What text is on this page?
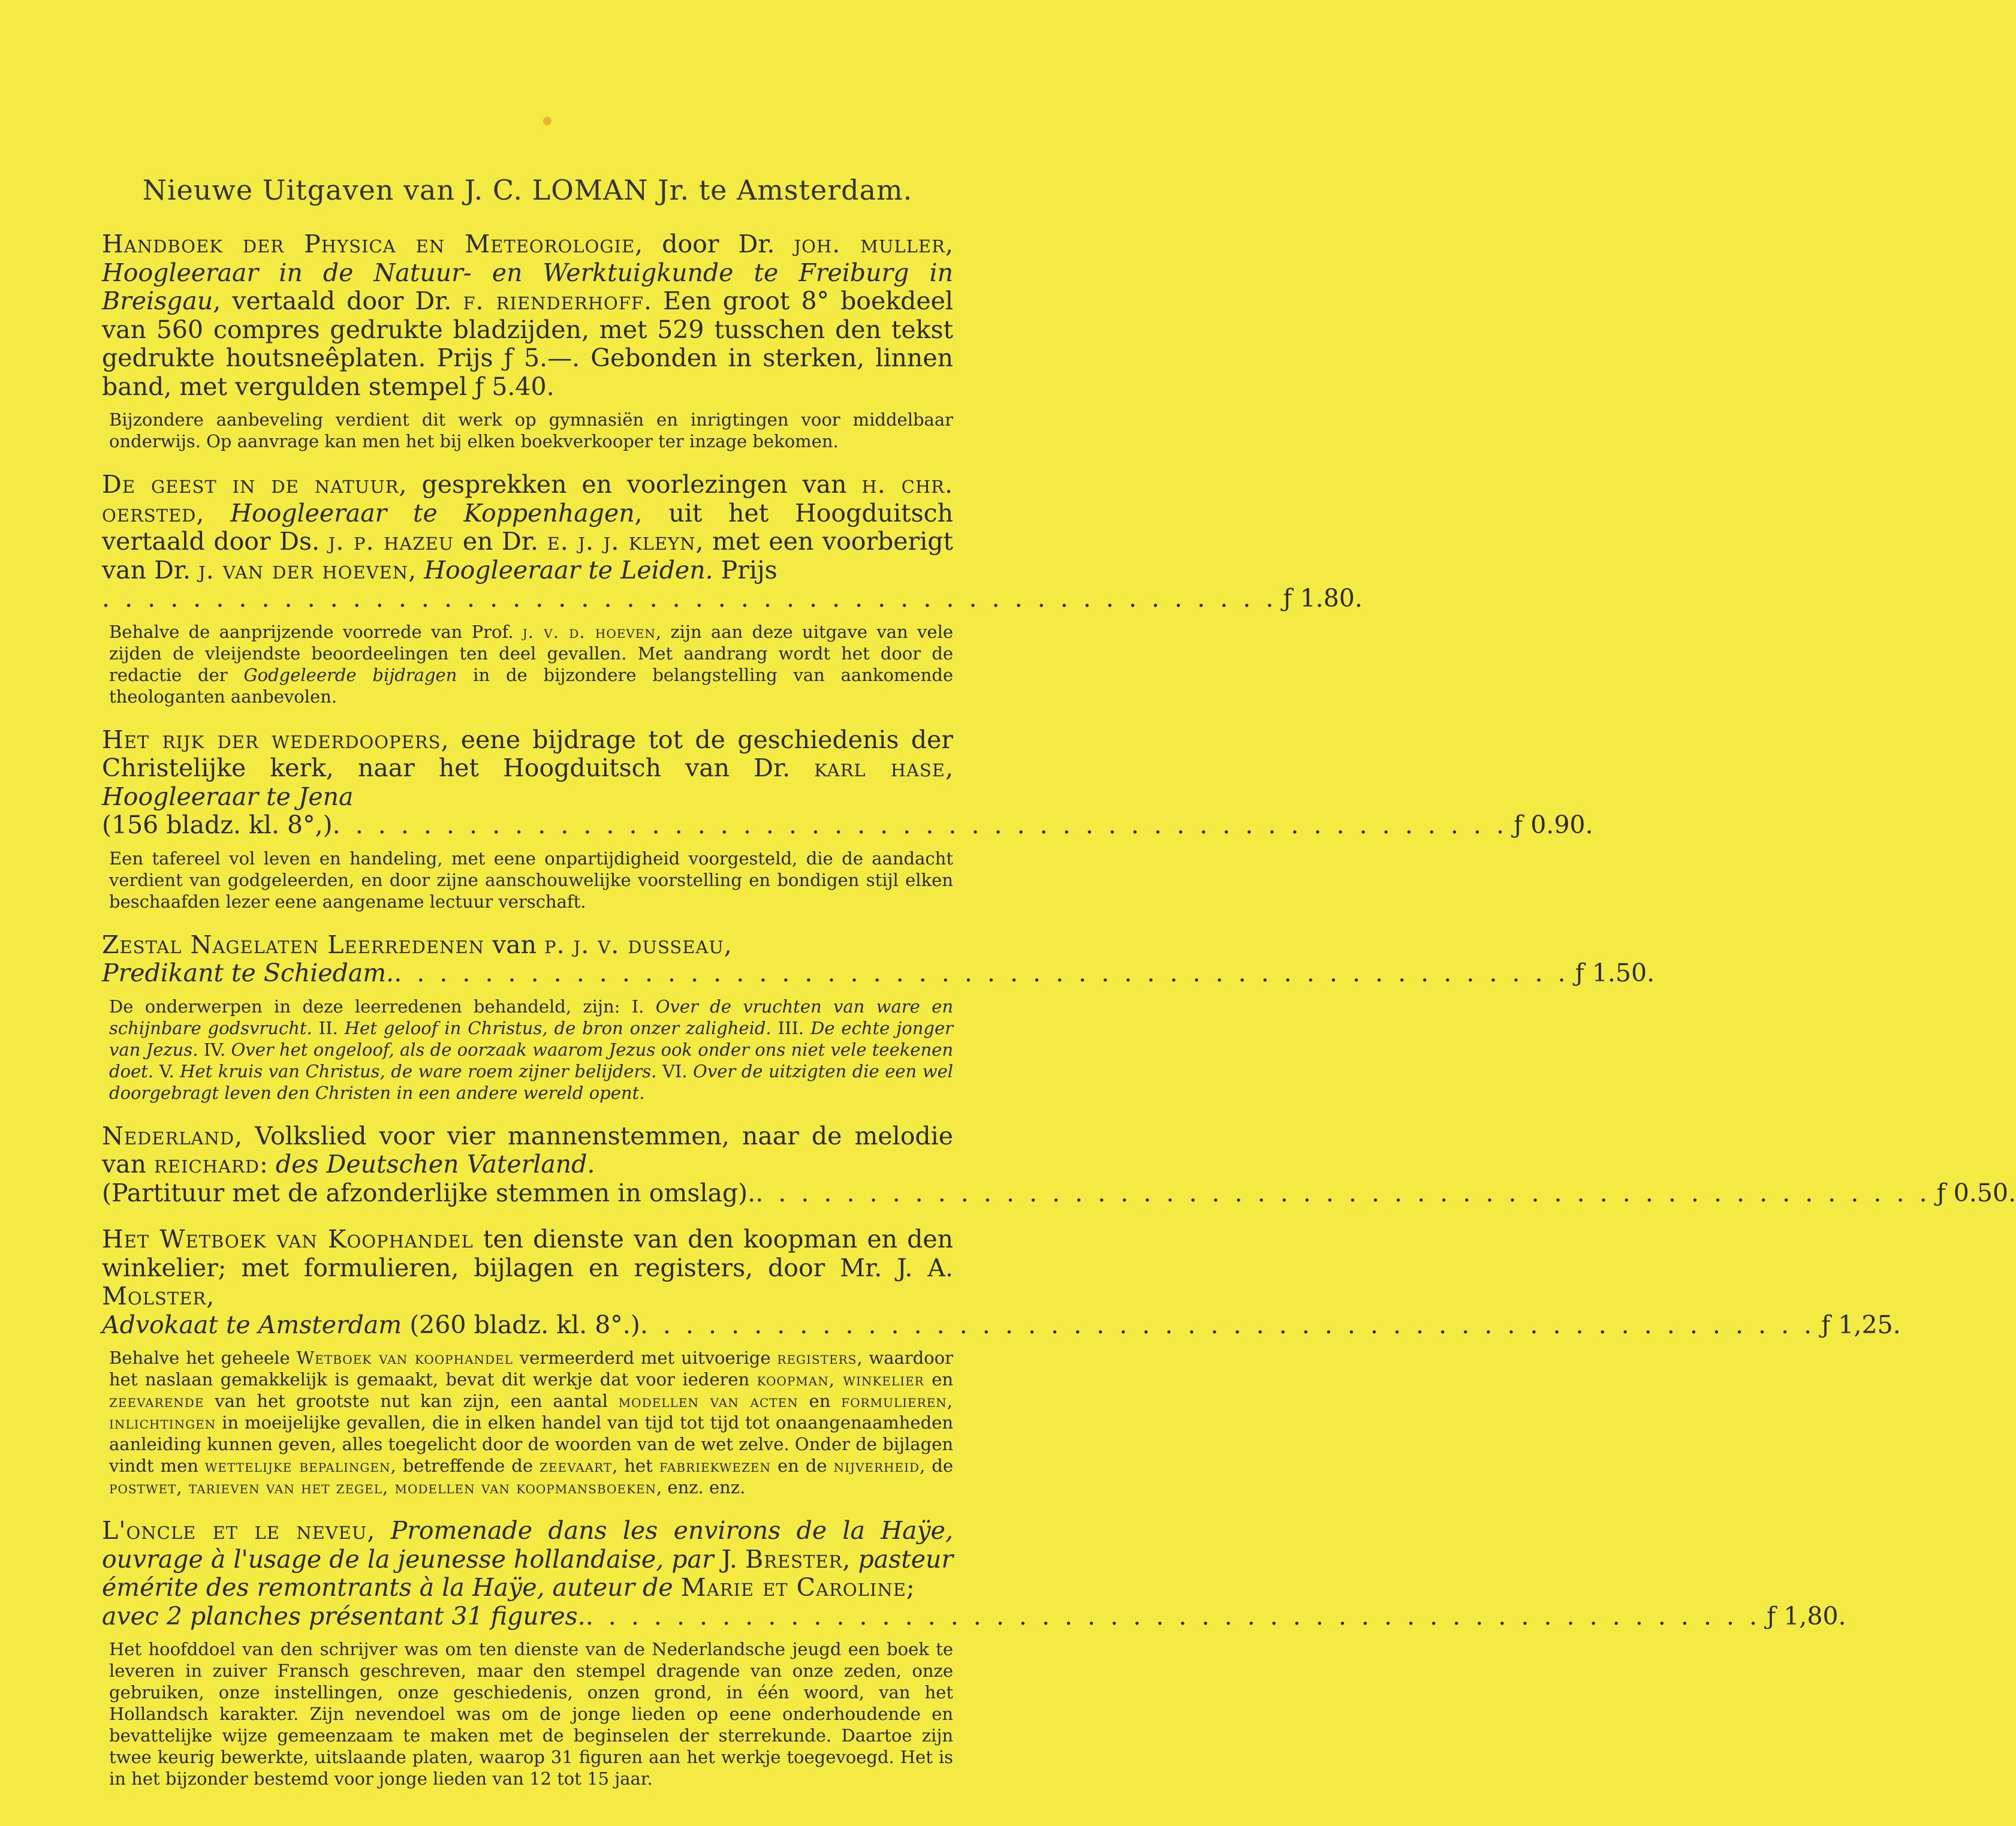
Nieuwe Uitgaven van J. C. LOMAN Jr. te Amsterdam.

Handboek der Physica en Meteorologie, door Dr. joh. muller, Hoogleeraar in de Natuur- en Werktuigkunde te Freiburg in Breisgau, vertaald door Dr. f. rienderhoff. Een groot 8° boekdeel van 560 compres gedrukte bladzijden, met 529 tusschen den tekst gedrukte houtsneêplaten. Prijs ƒ 5.—. Gebonden in sterken, linnen band, met vergulden stempel ƒ 5.40.

Bijzondere aanbeveling verdient dit werk op gymnasiën en inrigtingen voor middelbaar onderwijs. Op aanvrage kan men het bij elken boekverkooper ter inzage bekomen.

De geest in de natuur, gesprekken en voorlezingen van h. chr. oersted, Hoogleeraar te Koppenhagen, uit het Hoogduitsch vertaald door Ds. j. p. hazeu en Dr. e. j. j. kleyn, met een voorberigt van Dr. j. van der hoeven, Hoogleeraar te Leiden. Prijs

. . . . . . . . . . . . . . . . . . . . . . . . . . . . . . . . . . . . . . . . . . . . . . . . . . . . ƒ 1.80.

Behalve de aanprijzende voorrede van Prof. j. v. d. hoeven, zijn aan deze uitgave van vele zijden de vleijendste beoordeelingen ten deel gevallen. Met aandrang wordt het door de redactie der Godgeleerde bijdragen in de bijzondere belangstelling van aankomende theologanten aanbevolen.

Het rijk der wederdoopers, eene bijdrage tot de geschiedenis der Christelijke kerk, naar het Hoogduitsch van Dr. karl hase, Hoogleeraar te Jena

(156 bladz. kl. 8°,) . . . . . . . . . . . . . . . . . . . . . . . . . . . . . . . . . . . . . . . . . . . . . . . . . . . . ƒ 0.90.

Een tafereel vol leven en handeling, met eene onpartijdigheid voorgesteld, die de aandacht verdient van godgeleerden, en door zijne aanschouwelijke voorstelling en bondigen stijl elken beschaafden lezer eene aangename lectuur verschaft.

Zestal Nagelaten Leerredenen van p. j. v. dusseau,

Predikant te Schiedam. . . . . . . . . . . . . . . . . . . . . . . . . . . . . . . . . . . . . . . . . . . . . . . . . . . . . ƒ 1.50.

De onderwerpen in deze leerredenen behandeld, zijn: I. Over de vruchten van ware en schijnbare godsvrucht. II. Het geloof in Christus, de bron onzer zaligheid. III. De echte jonger van Jezus. IV. Over het ongeloof, als de oorzaak waarom Jezus ook onder ons niet vele teekenen doet. V. Het kruis van Christus, de ware roem zijner belijders. VI. Over de uitzigten die een wel doorgebragt leven den Christen in een andere wereld opent.

Nederland, Volkslied voor vier mannenstemmen, naar de melodie van reichard: des Deutschen Vaterland.

(Partituur met de afzonderlijke stemmen in omslag). . . . . . . . . . . . . . . . . . . . . . . . . . . . . . . . . . . . . . . . . . . . . . . . . . . . . ƒ 0.50.

Het Wetboek van Koophandel ten dienste van den koopman en den winkelier; met formulieren, bijlagen en registers, door Mr. J. A. Molster,

Advokaat te Amsterdam (260 bladz. kl. 8°.) . . . . . . . . . . . . . . . . . . . . . . . . . . . . . . . . . . . . . . . . . . . . . . . . . . . . ƒ 1,25.

Behalve het geheele Wetboek van koophandel vermeerderd met uitvoerige registers, waardoor het naslaan gemakkelijk is gemaakt, bevat dit werkje dat voor iederen koopman, winkelier en zeevarende van het grootste nut kan zijn, een aantal modellen van acten en formulieren, inlichtingen in moeijelijke gevallen, die in elken handel van tijd tot tijd tot onaangenaamheden aanleiding kunnen geven, alles toegelicht door de woorden van de wet zelve. Onder de bijlagen vindt men wettelijke bepalingen, betreffende de zeevaart, het fabriekwezen en de nijverheid, de postwet, tarieven van het zegel, modellen van koopmansboeken, enz. enz.

L'oncle et le neveu, Promenade dans les environs de la Haÿe, ouvrage à l'usage de la jeunesse hollandaise, par J. Brester, pasteur émérite des remontrants à la Haÿe, auteur de Marie et Caroline;

avec 2 planches présentant 31 figures. . . . . . . . . . . . . . . . . . . . . . . . . . . . . . . . . . . . . . . . . . . . . . . . . . . . . ƒ 1,80.

Het hoofddoel van den schrijver was om ten dienste van de Nederlandsche jeugd een boek te leveren in zuiver Fransch geschreven, maar den stempel dragende van onze zeden, onze gebruiken, onze instellingen, onze geschiedenis, onzen grond, in één woord, van het Hollandsch karakter. Zijn nevendoel was om de jonge lieden op eene onderhoudende en bevattelijke wijze gemeenzaam te maken met de beginselen der sterrekunde. Daartoe zijn twee keurig bewerkte, uitslaande platen, waarop 31 figuren aan het werkje toegevoegd. Het is in het bijzonder bestemd voor jonge lieden van 12 tot 15 jaar.
